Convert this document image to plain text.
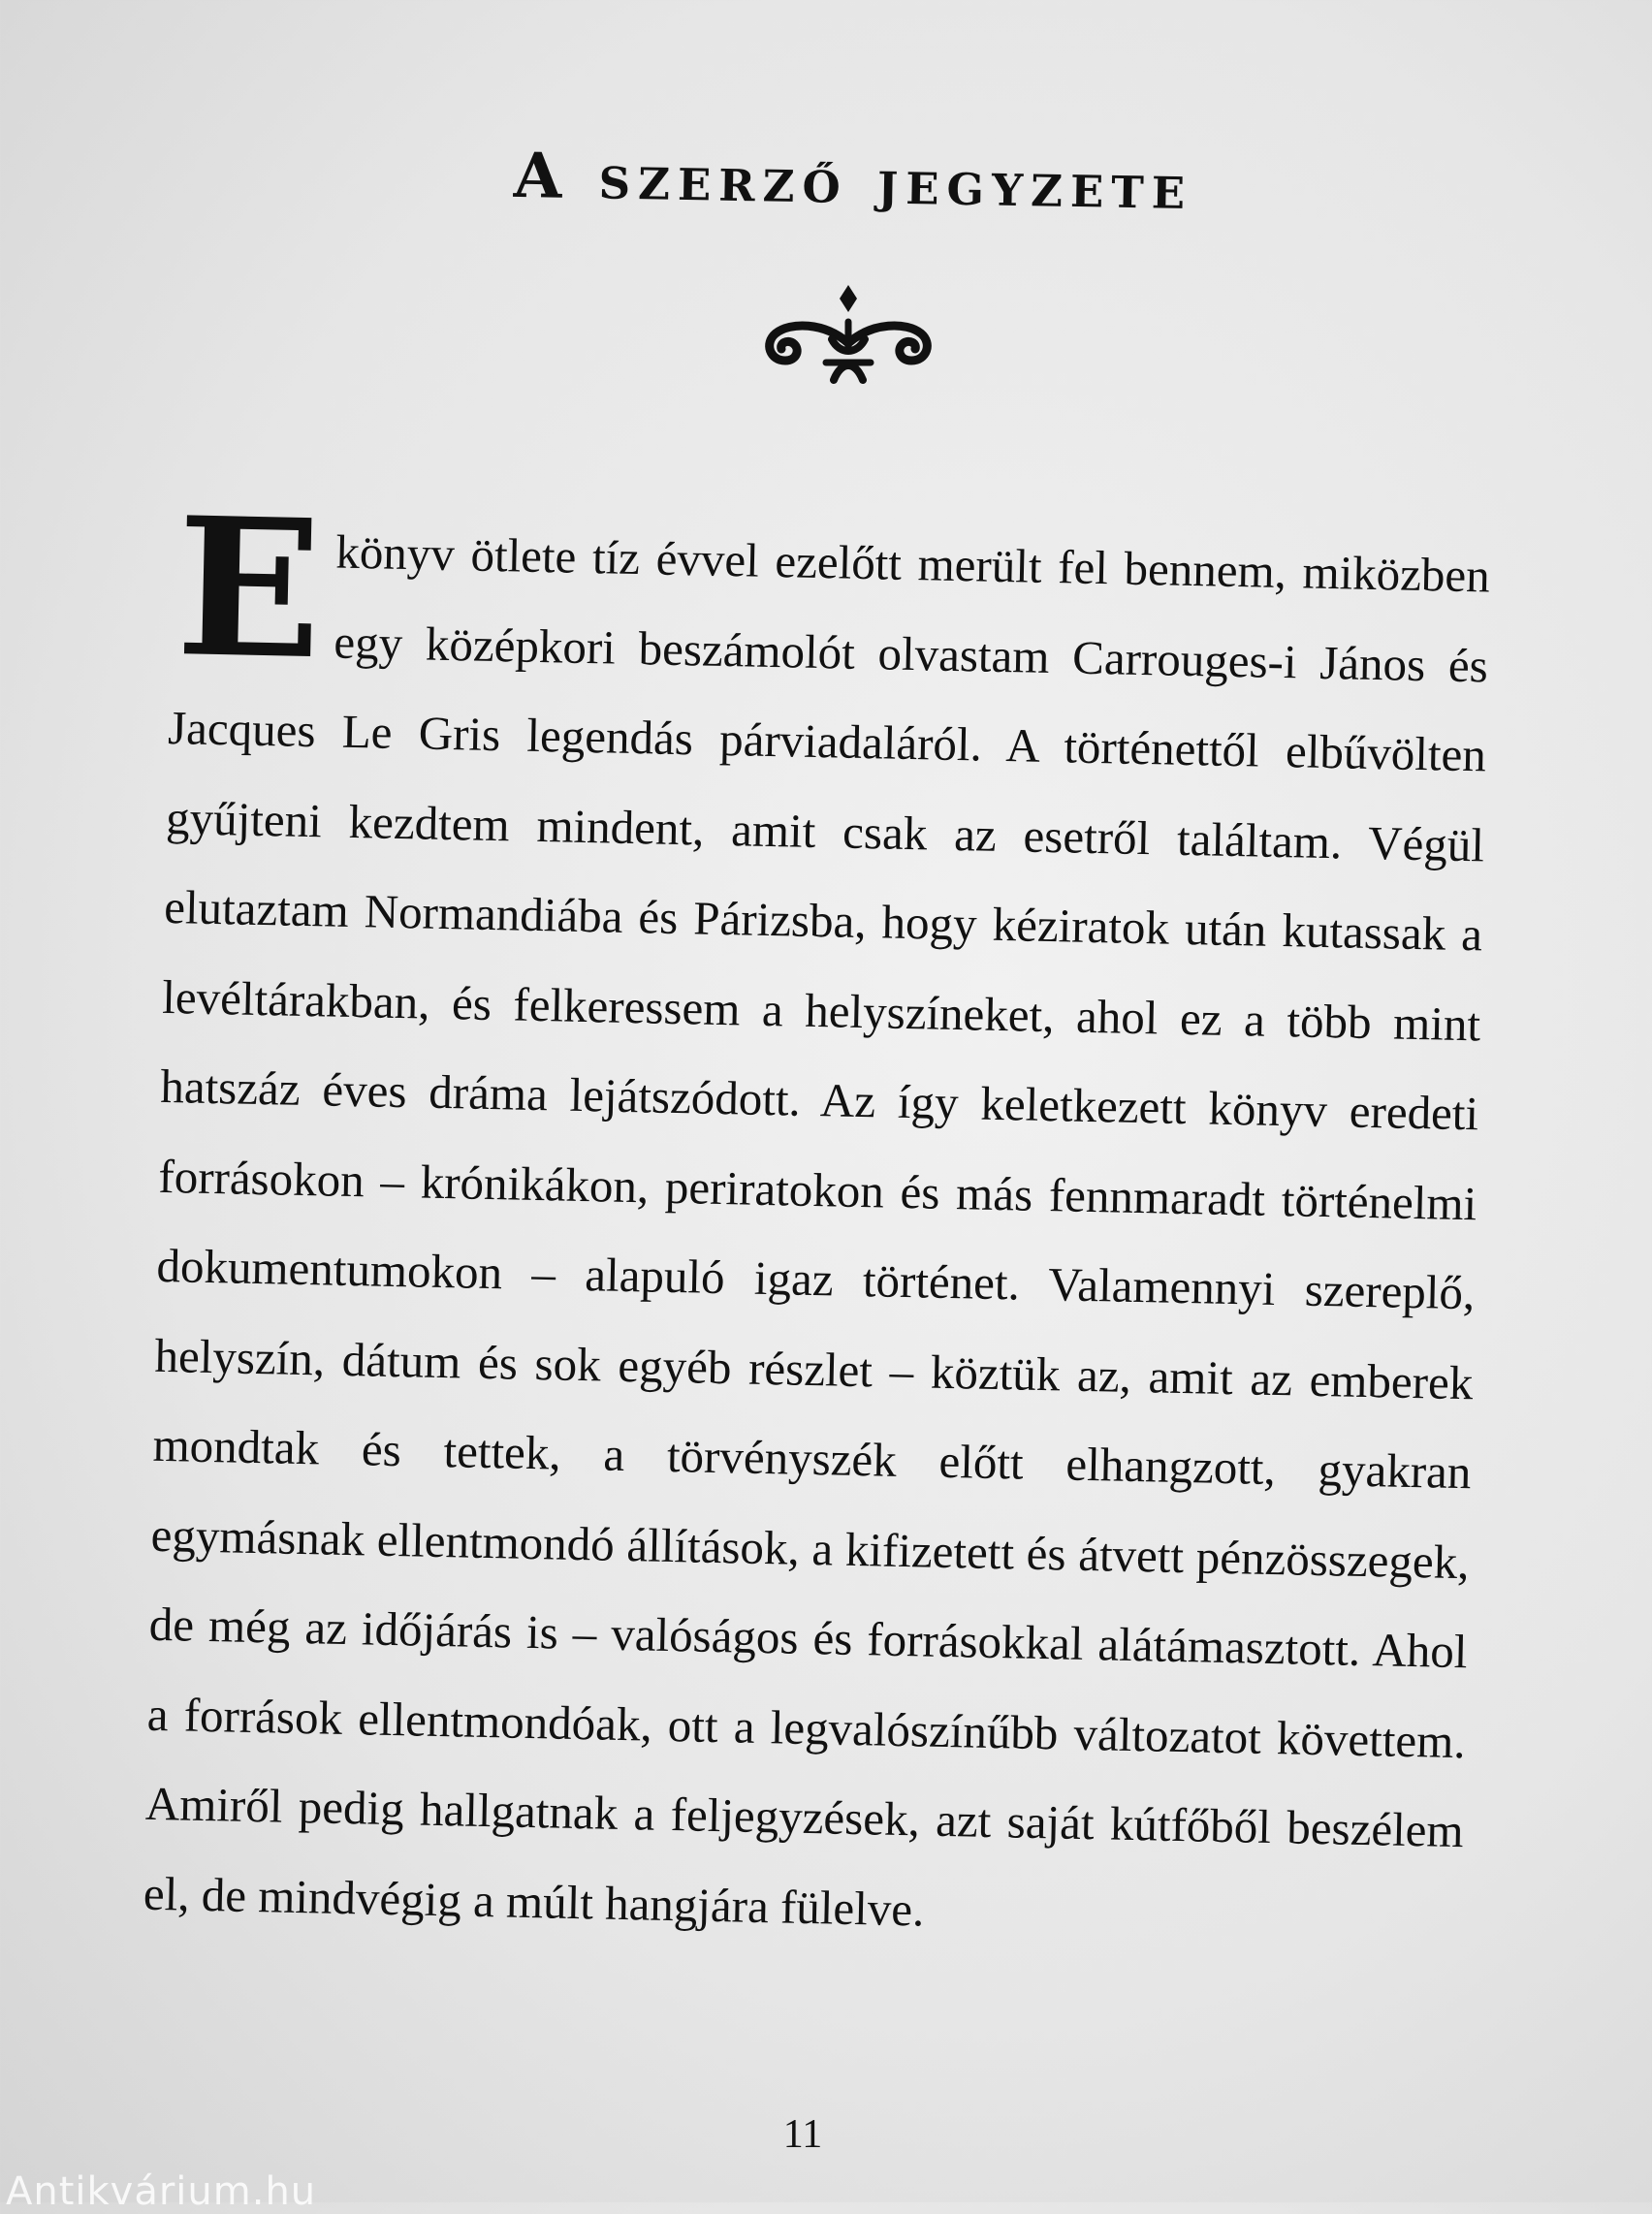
A szerző jegyzete
E könyv ötlete tíz évvel ezelőtt merült fel bennem, miközben egy középkori beszámolót olvastam Carrouges-i János és Jacques Le Gris legendás párviadaláról. A történettől elbűvölten gyűjteni kezdtem mindent, amit csak az esetről találtam. Végül elutaztam Normandiába és Párizsba, hogy kéziratok után kutassak a levéltárakban, és felkeressem a helyszíneket, ahol ez a több mint hatszáz éves dráma lejátszódott. Az így keletkezett könyv eredeti forrásokon – krónikákon, periratokon és más fennmaradt történelmi dokumentumokon – alapuló igaz történet. Valamennyi szereplő, helyszín, dátum és sok egyéb részlet – köztük az, amit az emberek mondtak és tettek, a törvényszék előtt elhangzott, gyakran egymásnak ellentmondó állítások, a kifizetett és átvett pénzösszegek, de még az időjárás is – valóságos és forrásokkal alátámasztott. Ahol a források ellentmondóak, ott a legvalószínűbb változatot követtem. Amiről pedig hallgatnak a feljegyzések, azt saját kútfőből beszélem el, de mindvégig a múlt hangjára fülelve.
11
Antikvárium.hu
